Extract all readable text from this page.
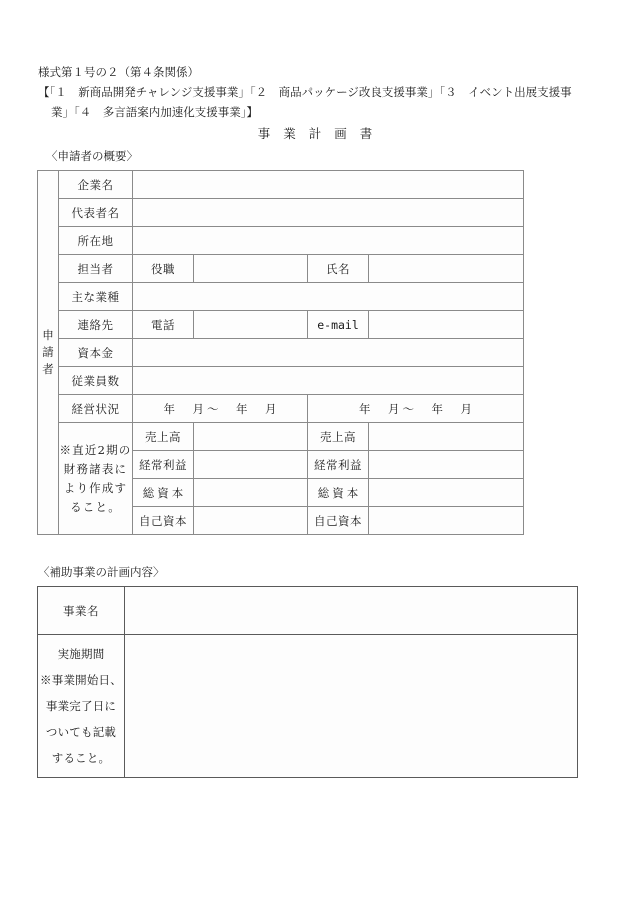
様式第１号の２（第４条関係）
【「１　新商品開発チャレンジ支援事業」「２　商品パッケージ改良支援事業」「３　イベント出展支援事
業」「４　多言語案内加速化支援事業」】
事業計画書
〈申請者の概要〉
申
請
者	企業名				
	代表者名				
	所在地				
	担当者	役職		氏名	
	主な業種				
	連絡先	電話		e-mail	
	資本金				
	従業員数				
	経営状況	年　月〜　年　月		年　月〜　年　月	
	※直近2期の財務諸表により作成すること。	売上高		売上高	
		経常利益		経常利益	
		総資本		総資本	
		自己資本		自己資本	
〈補助事業の計画内容〉
事業名	

実施期間
※事業開始日、
事業完了日に
ついても記載
すること。	
